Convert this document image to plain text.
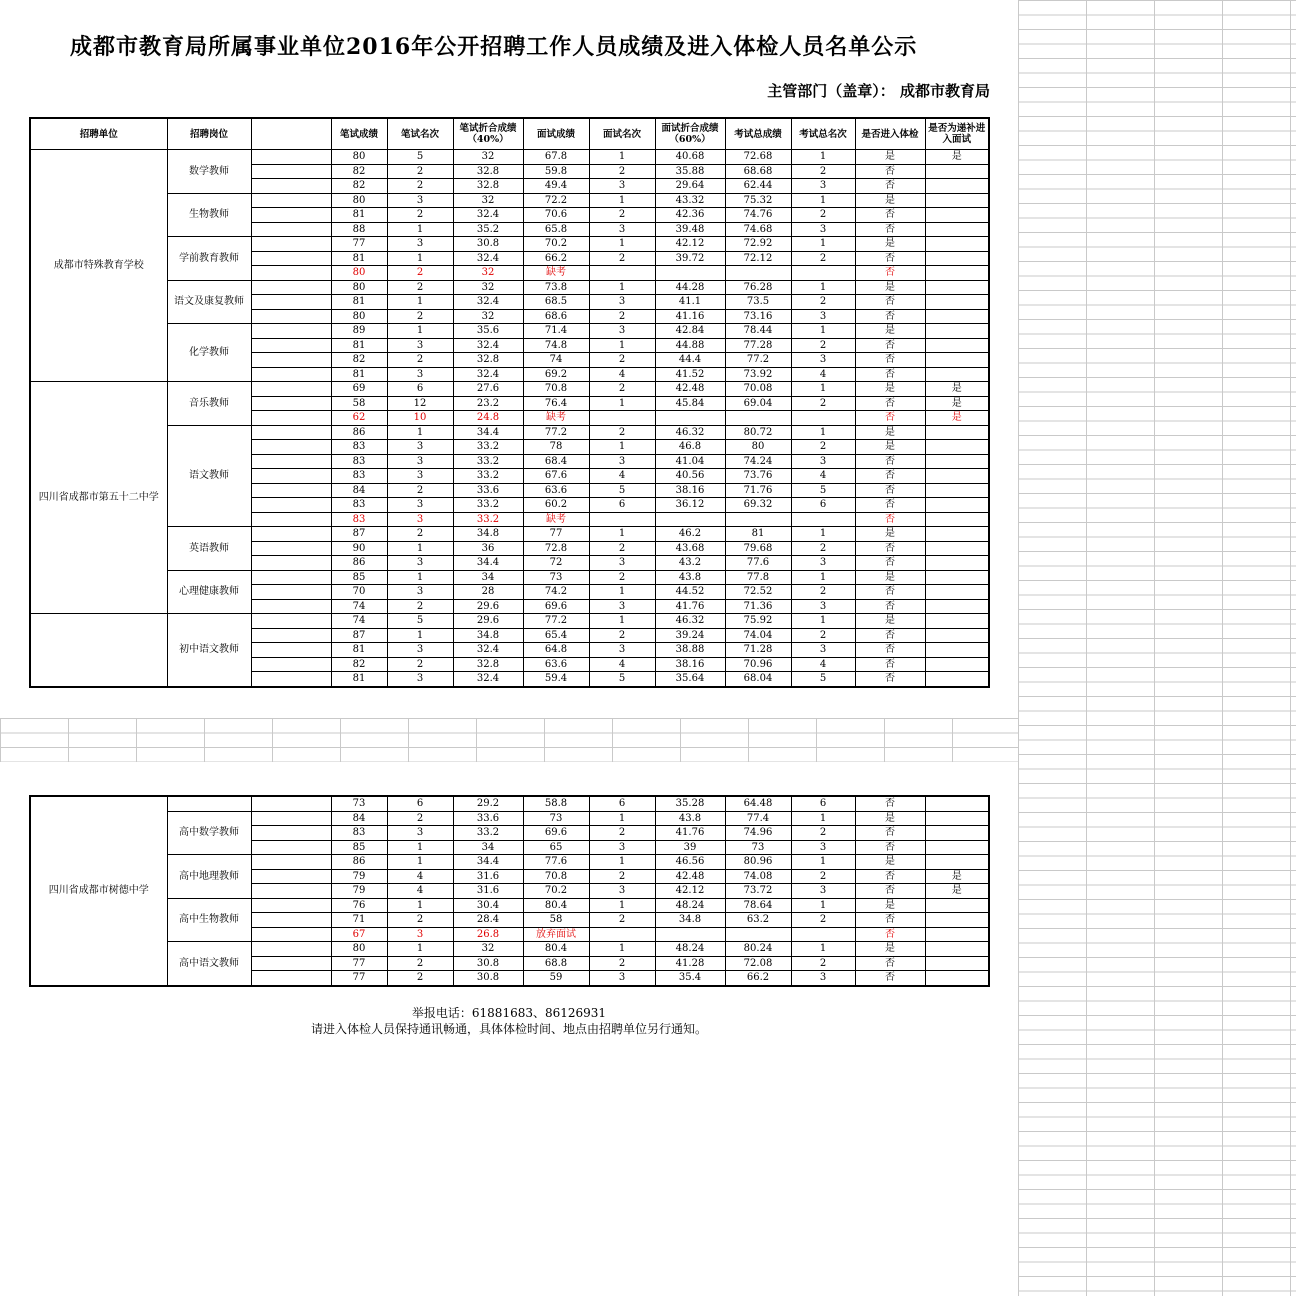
成都市教育局所属事业单位2016年公开招聘工作人员成绩及进入体检人员名单公示
主管部门（盖章）： 成都市教育局
招聘单位	招聘岗位		笔试成绩	笔试名次	笔试折合成绩（40%）	面试成绩	面试名次	面试折合成绩（60%）	考试总成绩	考试总名次	是否进入体检	是否为递补进入面试
成都市特殊教育学校	数学教师		80	5	32	67.8	1	40.68	72.68	1	是	是
			82	2	32.8	59.8	2	35.88	68.68	2	否	
			82	2	32.8	49.4	3	29.64	62.44	3	否	
	生物教师		80	3	32	72.2	1	43.32	75.32	1	是	
			81	2	32.4	70.6	2	42.36	74.76	2	否	
			88	1	35.2	65.8	3	39.48	74.68	3	否	
	学前教育教师		77	3	30.8	70.2	1	42.12	72.92	1	是	
			81	1	32.4	66.2	2	39.72	72.12	2	否	
			80	2	32	缺考					否	
	语文及康复教师		80	2	32	73.8	1	44.28	76.28	1	是	
			81	1	32.4	68.5	3	41.1	73.5	2	否	
			80	2	32	68.6	2	41.16	73.16	3	否	
	化学教师		89	1	35.6	71.4	3	42.84	78.44	1	是	
			81	3	32.4	74.8	1	44.88	77.28	2	否	
			82	2	32.8	74	2	44.4	77.2	3	否	
			81	3	32.4	69.2	4	41.52	73.92	4	否	
四川省成都市第五十二中学	音乐教师		69	6	27.6	70.8	2	42.48	70.08	1	是	是
			58	12	23.2	76.4	1	45.84	69.04	2	否	是
			62	10	24.8	缺考					否	是
	语文教师		86	1	34.4	77.2	2	46.32	80.72	1	是	
			83	3	33.2	78	1	46.8	80	2	是	
			83	3	33.2	68.4	3	41.04	74.24	3	否	
			83	3	33.2	67.6	4	40.56	73.76	4	否	
			84	2	33.6	63.6	5	38.16	71.76	5	否	
			83	3	33.2	60.2	6	36.12	69.32	6	否	
			83	3	33.2	缺考					否	
	英语教师		87	2	34.8	77	1	46.2	81	1	是	
			90	1	36	72.8	2	43.68	79.68	2	否	
			86	3	34.4	72	3	43.2	77.6	3	否	
	心理健康教师		85	1	34	73	2	43.8	77.8	1	是	
			70	3	28	74.2	1	44.52	72.52	2	否	
			74	2	29.6	69.6	3	41.76	71.36	3	否	
	初中语文教师		74	5	29.6	77.2	1	46.32	75.92	1	是	
			87	1	34.8	65.4	2	39.24	74.04	2	否	
			81	3	32.4	64.8	3	38.88	71.28	3	否	
			82	2	32.8	63.6	4	38.16	70.96	4	否	
			81	3	32.4	59.4	5	35.64	68.04	5	否	
四川省成都市树德中学			73	6	29.2	58.8	6	35.28	64.48	6	否	
	高中数学教师		84	2	33.6	73	1	43.8	77.4	1	是	
			83	3	33.2	69.6	2	41.76	74.96	2	否	
			85	1	34	65	3	39	73	3	否	
	高中地理教师		86	1	34.4	77.6	1	46.56	80.96	1	是	
			79	4	31.6	70.8	2	42.48	74.08	2	否	是
			79	4	31.6	70.2	3	42.12	73.72	3	否	是
	高中生物教师		76	1	30.4	80.4	1	48.24	78.64	1	是	
			71	2	28.4	58	2	34.8	63.2	2	否	
			67	3	26.8	放弃面试					否	
	高中语文教师		80	1	32	80.4	1	48.24	80.24	1	是	
			77	2	30.8	68.8	2	41.28	72.08	2	否	
			77	2	30.8	59	3	35.4	66.2	3	否	
举报电话：61881683、86126931
请进入体检人员保持通讯畅通，具体体检时间、地点由招聘单位另行通知。
